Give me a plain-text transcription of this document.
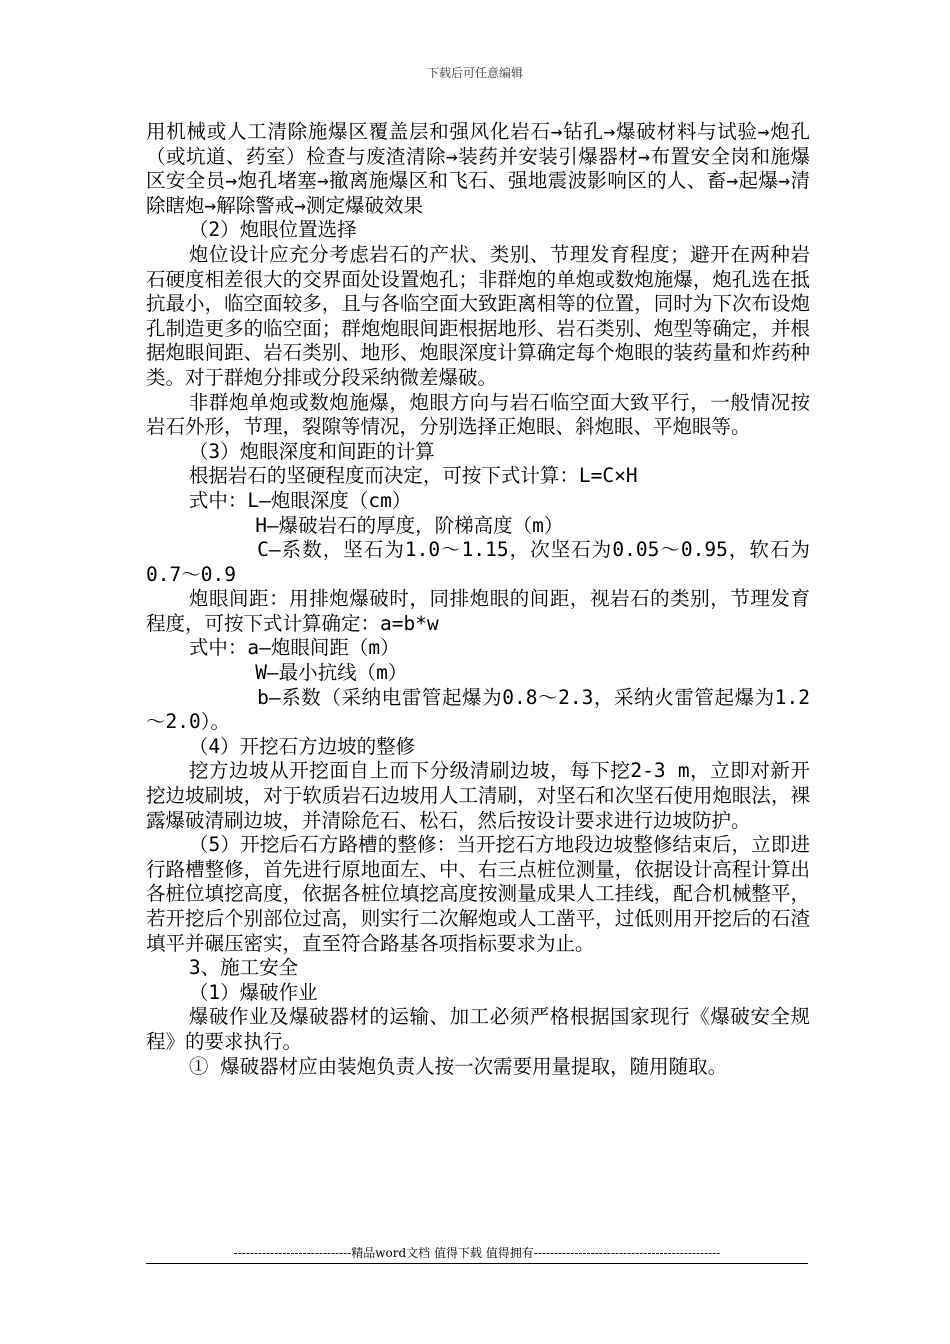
下载后可任意编辑

用机械或人工清除施爆区覆盖层和强风化岩石→钻孔→爆破材料与试验→炮孔（或坑道、药室）检查与废渣清除→装药并安装引爆器材→布置安全岗和施爆区安全员→炮孔堵塞→撤离施爆区和飞石、强地震波影响区的人、畜→起爆→清除瞎炮→解除警戒→测定爆破效果

（2）炮眼位置选择

炮位设计应充分考虑岩石的产状、类别、节理发育程度；避开在两种岩石硬度相差很大的交界面处设置炮孔；非群炮的单炮或数炮施爆，炮孔选在抵抗最小，临空面较多，且与各临空面大致距离相等的位置，同时为下次布设炮孔制造更多的临空面；群炮炮眼间距根据地形、岩石类别、炮型等确定，并根据炮眼间距、岩石类别、地形、炮眼深度计算确定每个炮眼的装药量和炸药种类。对于群炮分排或分段采纳微差爆破。

非群炮单炮或数炮施爆，炮眼方向与岩石临空面大致平行，一般情况按岩石外形，节理，裂隙等情况，分别选择正炮眼、斜炮眼、平炮眼等。

（3）炮眼深度和间距的计算

根据岩石的坚硬程度而决定，可按下式计算：L=C×H

式中：L—炮眼深度（cm）

H—爆破岩石的厚度，阶梯高度（m）

C—系数，坚石为1.0～1.15，次坚石为0.05～0.95，软石为0.7～0.9

炮眼间距：用排炮爆破时，同排炮眼的间距，视岩石的类别，节理发育程度，可按下式计算确定：a=b*w

式中：a—炮眼间距（m）

W—最小抗线（m）

b—系数（采纳电雷管起爆为0.8～2.3，采纳火雷管起爆为1.2～2.0）。

（4）开挖石方边坡的整修

挖方边坡从开挖面自上而下分级清刷边坡，每下挖2-3 m，立即对新开挖边坡刷坡，对于软质岩石边坡用人工清刷，对坚石和次坚石使用炮眼法，裸露爆破清刷边坡，并清除危石、松石，然后按设计要求进行边坡防护。

（5）开挖后石方路槽的整修：当开挖石方地段边坡整修结束后，立即进行路槽整修，首先进行原地面左、中、右三点桩位测量，依据设计高程计算出各桩位填挖高度，依据各桩位填挖高度按测量成果人工挂线，配合机械整平，若开挖后个别部位过高，则实行二次解炮或人工凿平，过低则用开挖后的石渣填平并碾压密实，直至符合路基各项指标要求为止。

3、施工安全

（1）爆破作业

爆破作业及爆破器材的运输、加工必须严格根据国家现行《爆破安全规程》的要求执行。

① 爆破器材应由装炮负责人按一次需要用量提取，随用随取。

-----------------------------精品word文档 值得下载 值得拥有----------------------------------------------
